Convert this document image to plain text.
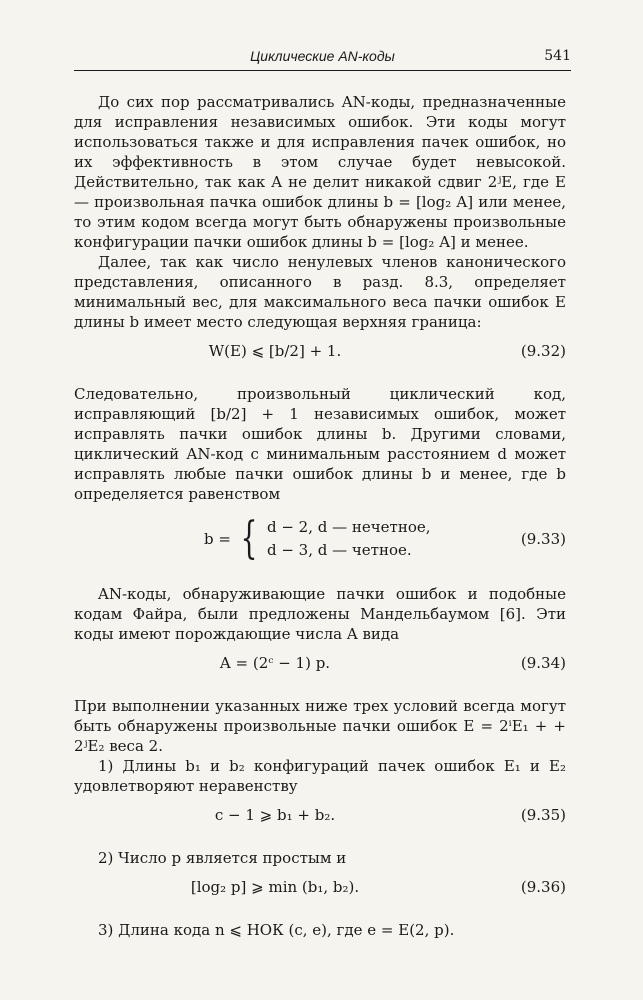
Циклические AN-коды	541

До сих пор рассматривались AN-коды, предназначенные для исправления независимых ошибок. Эти коды могут использоваться также и для исправления пачек ошибок, но их эффективность в этом случае будет невысокой. Действительно, так как A не делит никакой сдвиг 2ʲE, где E — произвольная пачка ошибок длины b = [log₂ A] или менее, то этим кодом всегда могут быть обнаружены произвольные конфигурации пачки ошибок длины b = [log₂ A] и менее.

Далее, так как число ненулевых членов канонического представления, описанного в разд. 8.3, определяет минимальный вес, для максимального веса пачки ошибок E длины b имеет место следующая верхняя граница:

W(E) ⩽ [b/2] + 1.	(9.32)

Следовательно, произвольный циклический код, исправляющий [b/2] + 1 независимых ошибок, может исправлять пачки ошибок длины b. Другими словами, циклический AN-код с минимальным расстоянием d может исправлять любые пачки ошибок длины b и менее, где b определяется равенством

b = { d − 2, d — нечетное,
d − 3, d — четное.
(9.33)

AN-коды, обнаруживающие пачки ошибок и подобные кодам Файра, были предложены Мандельбаумом [6]. Эти коды имеют порождающие числа A вида

A = (2ᶜ − 1) p.	(9.34)

При выполнении указанных ниже трех условий всегда могут быть обнаружены произвольные пачки ошибок E = 2ⁱE₁ + + 2ʲE₂ веса 2.

1) Длины b₁ и b₂ конфигураций пачек ошибок E₁ и E₂ удовлетворяют неравенству

c − 1 ⩾ b₁ + b₂.	(9.35)

2) Число p является простым и

[log₂ p] ⩾ min (b₁, b₂).	(9.36)

3) Длина кода n ⩽ НОК (c, e), где e = E(2, p).
